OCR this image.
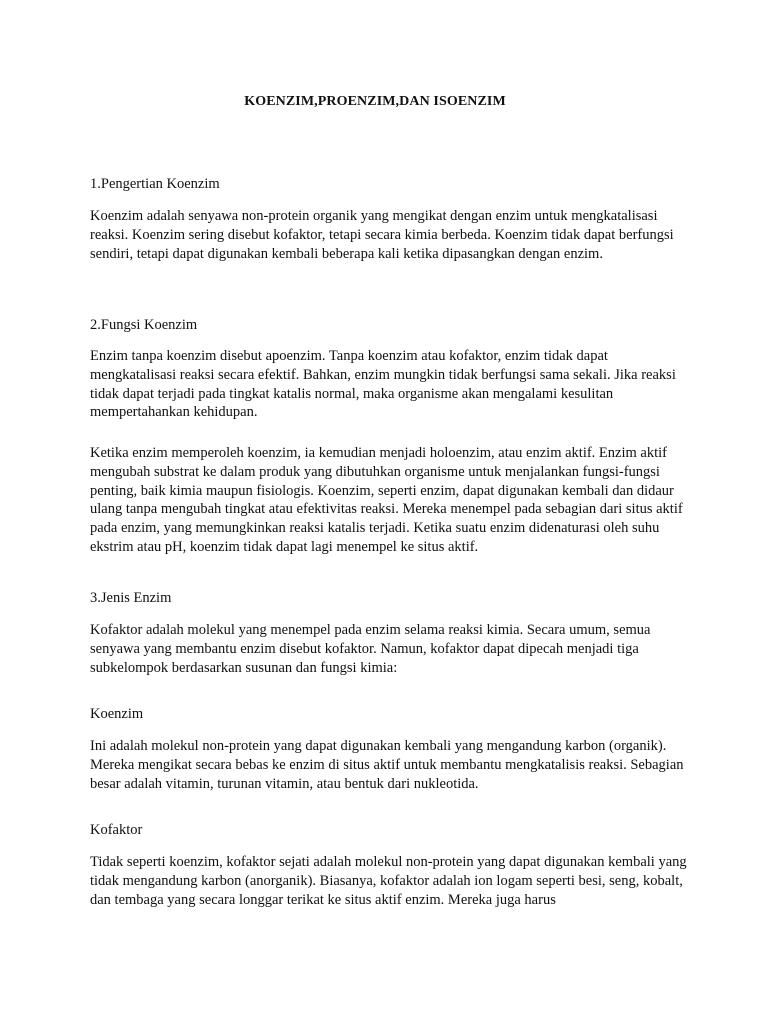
KOENZIM,PROENZIM,DAN ISOENZIM

1.Pengertian Koenzim

Koenzim adalah senyawa non-protein organik yang mengikat dengan enzim untuk mengkatalisasi reaksi. Koenzim sering disebut kofaktor, tetapi secara kimia berbeda. Koenzim tidak dapat berfungsi sendiri, tetapi dapat digunakan kembali beberapa kali ketika dipasangkan dengan enzim.

2.Fungsi Koenzim

Enzim tanpa koenzim disebut apoenzim. Tanpa koenzim atau kofaktor, enzim tidak dapat mengkatalisasi reaksi secara efektif. Bahkan, enzim mungkin tidak berfungsi sama sekali. Jika reaksi tidak dapat terjadi pada tingkat katalis normal, maka organisme akan mengalami kesulitan mempertahankan kehidupan.

Ketika enzim memperoleh koenzim, ia kemudian menjadi holoenzim, atau enzim aktif. Enzim aktif mengubah substrat ke dalam produk yang dibutuhkan organisme untuk menjalankan fungsi-fungsi penting, baik kimia maupun fisiologis. Koenzim, seperti enzim, dapat digunakan kembali dan didaur ulang tanpa mengubah tingkat atau efektivitas reaksi. Mereka menempel pada sebagian dari situs aktif pada enzim, yang memungkinkan reaksi katalis terjadi. Ketika suatu enzim didenaturasi oleh suhu ekstrim atau pH, koenzim tidak dapat lagi menempel ke situs aktif.

3.Jenis Enzim

Kofaktor adalah molekul yang menempel pada enzim selama reaksi kimia. Secara umum, semua senyawa yang membantu enzim disebut kofaktor. Namun, kofaktor dapat dipecah menjadi tiga subkelompok berdasarkan susunan dan fungsi kimia:

Koenzim

Ini adalah molekul non-protein yang dapat digunakan kembali yang mengandung karbon (organik). Mereka mengikat secara bebas ke enzim di situs aktif untuk membantu mengkatalisis reaksi. Sebagian besar adalah vitamin, turunan vitamin, atau bentuk dari nukleotida.

Kofaktor

Tidak seperti koenzim, kofaktor sejati adalah molekul non-protein yang dapat digunakan kembali yang tidak mengandung karbon (anorganik). Biasanya, kofaktor adalah ion logam seperti besi, seng, kobalt, dan tembaga yang secara longgar terikat ke situs aktif enzim. Mereka juga harus
